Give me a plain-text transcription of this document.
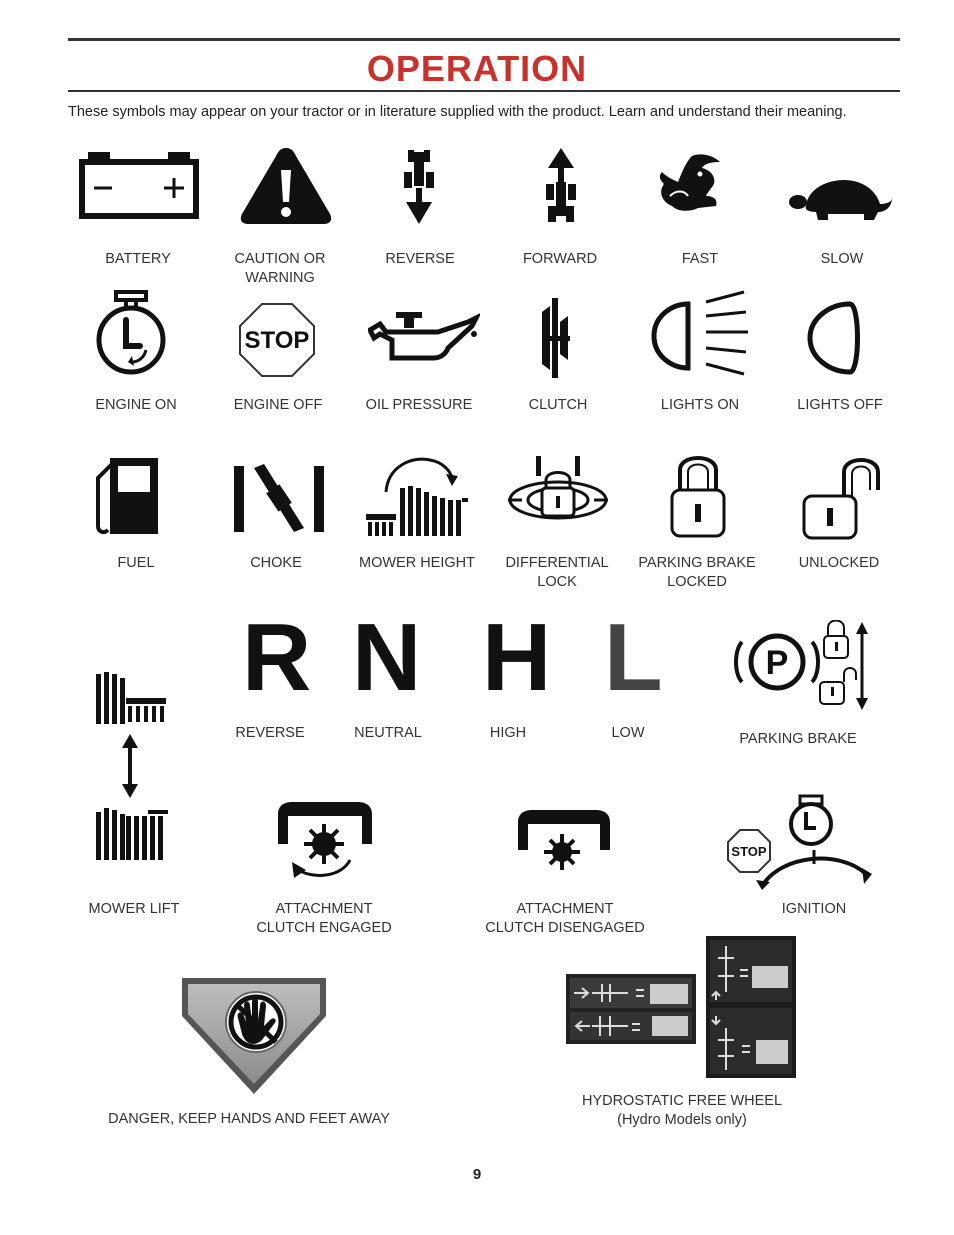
OPERATION
These symbols may appear on your tractor or in literature supplied with the product. Learn and understand their meaning.
BATTERY	CAUTION OR
WARNING
REVERSE	FORWARD	FAST	SLOW
ENGINE ON
STOP
ENGINE OFF	OIL PRESSURE	CLUTCH	LIGHTS ON	LIGHTS OFF
FUEL	CHOKE	MOWER HEIGHT	DIFFERENTIAL
LOCK
PARKING BRAKE
LOCKED
UNLOCKED
R N H L
REVERSE	NEUTRAL	HIGH	LOW
P
PARKING BRAKE
MOWER LIFT	ATTACHMENT
CLUTCH ENGAGED
ATTACHMENT
CLUTCH DISENGAGED
STOP
IGNITION
DANGER, KEEP HANDS AND FEET AWAY
HYDROSTATIC FREE WHEEL
(Hydro Models only)
9
